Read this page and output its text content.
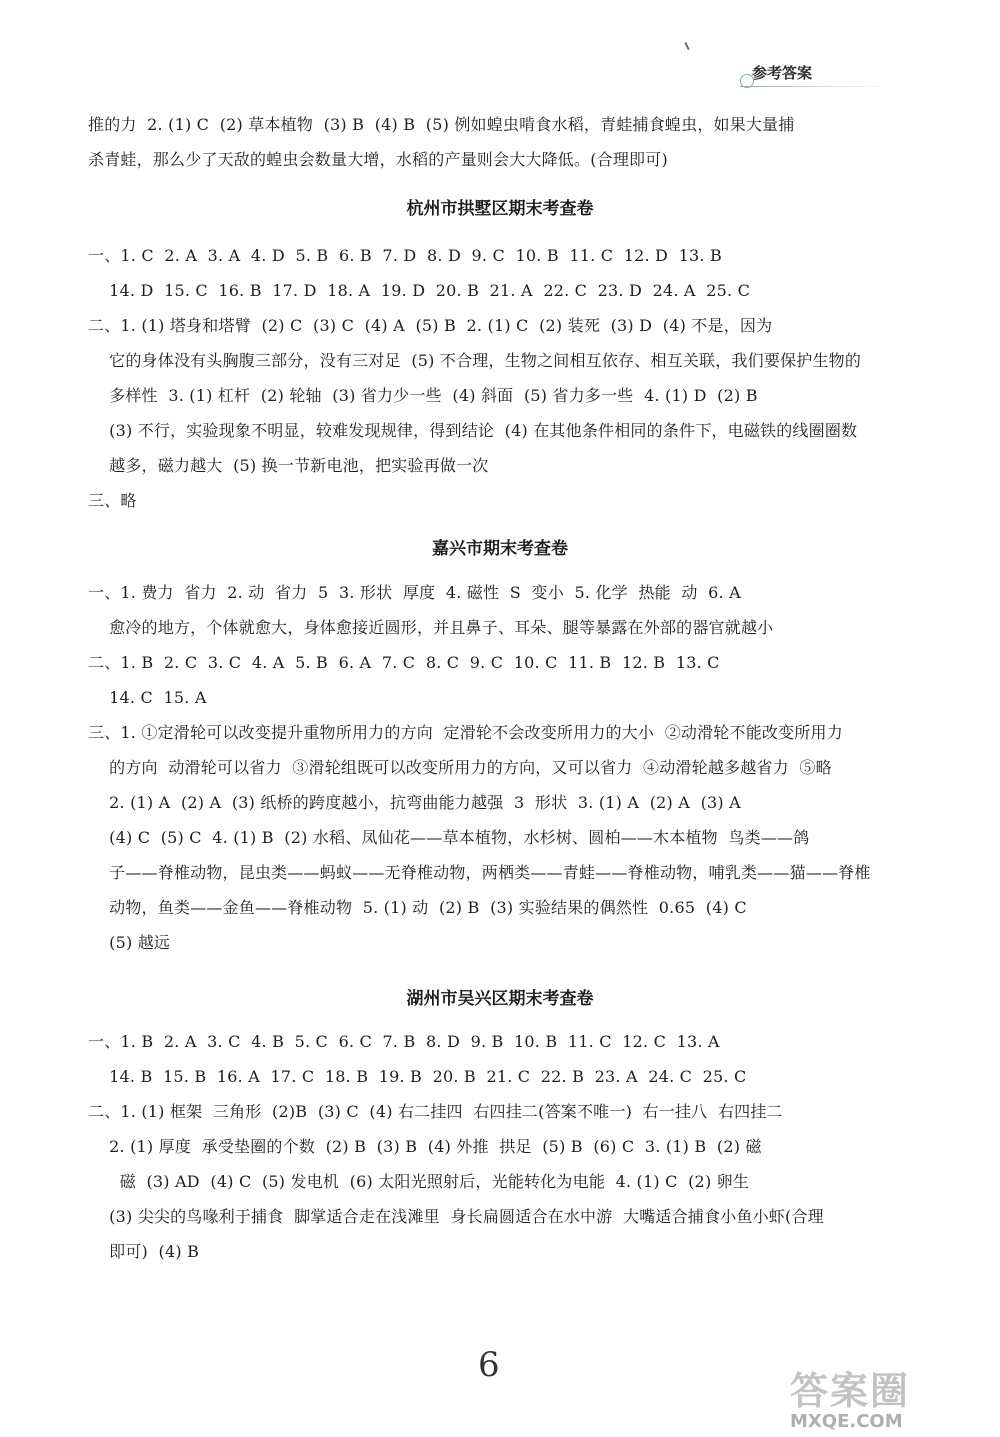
参考答案
推的力  2. (1) C  (2) 草本植物  (3) B  (4) B  (5) 例如蝗虫啃食水稻，青蛙捕食蝗虫，如果大量捕
杀青蛙，那么少了天敌的蝗虫会数量大增，水稻的产量则会大大降低。(合理即可)
杭州市拱墅区期末考查卷
一、1. C  2. A  3. A  4. D  5. B  6. B  7. D  8. D  9. C  10. B  11. C  12. D  13. B
14. D  15. C  16. B  17. D  18. A  19. D  20. B  21. A  22. C  23. D  24. A  25. C
二、1. (1) 塔身和塔臂  (2) C  (3) C  (4) A  (5) B  2. (1) C  (2) 装死  (3) D  (4) 不是，因为
它的身体没有头胸腹三部分，没有三对足  (5) 不合理，生物之间相互依存、相互关联，我们要保护生物的
多样性  3. (1) 杠杆  (2) 轮轴  (3) 省力少一些  (4) 斜面  (5) 省力多一些  4. (1) D  (2) B
(3) 不行，实验现象不明显，较难发现规律，得到结论  (4) 在其他条件相同的条件下，电磁铁的线圈圈数
越多，磁力越大  (5) 换一节新电池，把实验再做一次
三、略
嘉兴市期末考查卷
一、1. 费力  省力  2. 动  省力  5  3. 形状  厚度  4. 磁性  S  变小  5. 化学  热能  动  6. A
愈冷的地方，个体就愈大，身体愈接近圆形，并且鼻子、耳朵、腿等暴露在外部的器官就越小
二、1. B  2. C  3. C  4. A  5. B  6. A  7. C  8. C  9. C  10. C  11. B  12. B  13. C
14. C  15. A
三、1. ①定滑轮可以改变提升重物所用力的方向  定滑轮不会改变所用力的大小  ②动滑轮不能改变所用力
的方向  动滑轮可以省力  ③滑轮组既可以改变所用力的方向，又可以省力  ④动滑轮越多越省力  ⑤略
2. (1) A  (2) A  (3) 纸桥的跨度越小，抗弯曲能力越强  3  形状  3. (1) A  (2) A  (3) A
(4) C  (5) C  4. (1) B  (2) 水稻、凤仙花——草本植物，水杉树、圆柏——木本植物  鸟类——鸽
子——脊椎动物，昆虫类——蚂蚁——无脊椎动物，两栖类——青蛙——脊椎动物，哺乳类——猫——脊椎
动物，鱼类——金鱼——脊椎动物  5. (1) 动  (2) B  (3) 实验结果的偶然性  0.65  (4) C
(5) 越远
湖州市吴兴区期末考查卷
一、1. B  2. A  3. C  4. B  5. C  6. C  7. B  8. D  9. B  10. B  11. C  12. C  13. A
14. B  15. B  16. A  17. C  18. B  19. B  20. B  21. C  22. B  23. A  24. C  25. C
二、1. (1) 框架  三角形  (2)B  (3) C  (4) 右二挂四  右四挂二(答案不唯一)  右一挂八  右四挂二
2. (1) 厚度  承受垫圈的个数  (2) B  (3) B  (4) 外推  拱足  (5) B  (6) C  3. (1) B  (2) 磁
磁  (3) AD  (4) C  (5) 发电机  (6) 太阳光照射后，光能转化为电能  4. (1) C  (2) 卵生
(3) 尖尖的鸟喙利于捕食  脚掌适合走在浅滩里  身长扁圆适合在水中游  大嘴适合捕食小鱼小虾(合理
即可)  (4) B
6
答案圈
MXQE.COM
